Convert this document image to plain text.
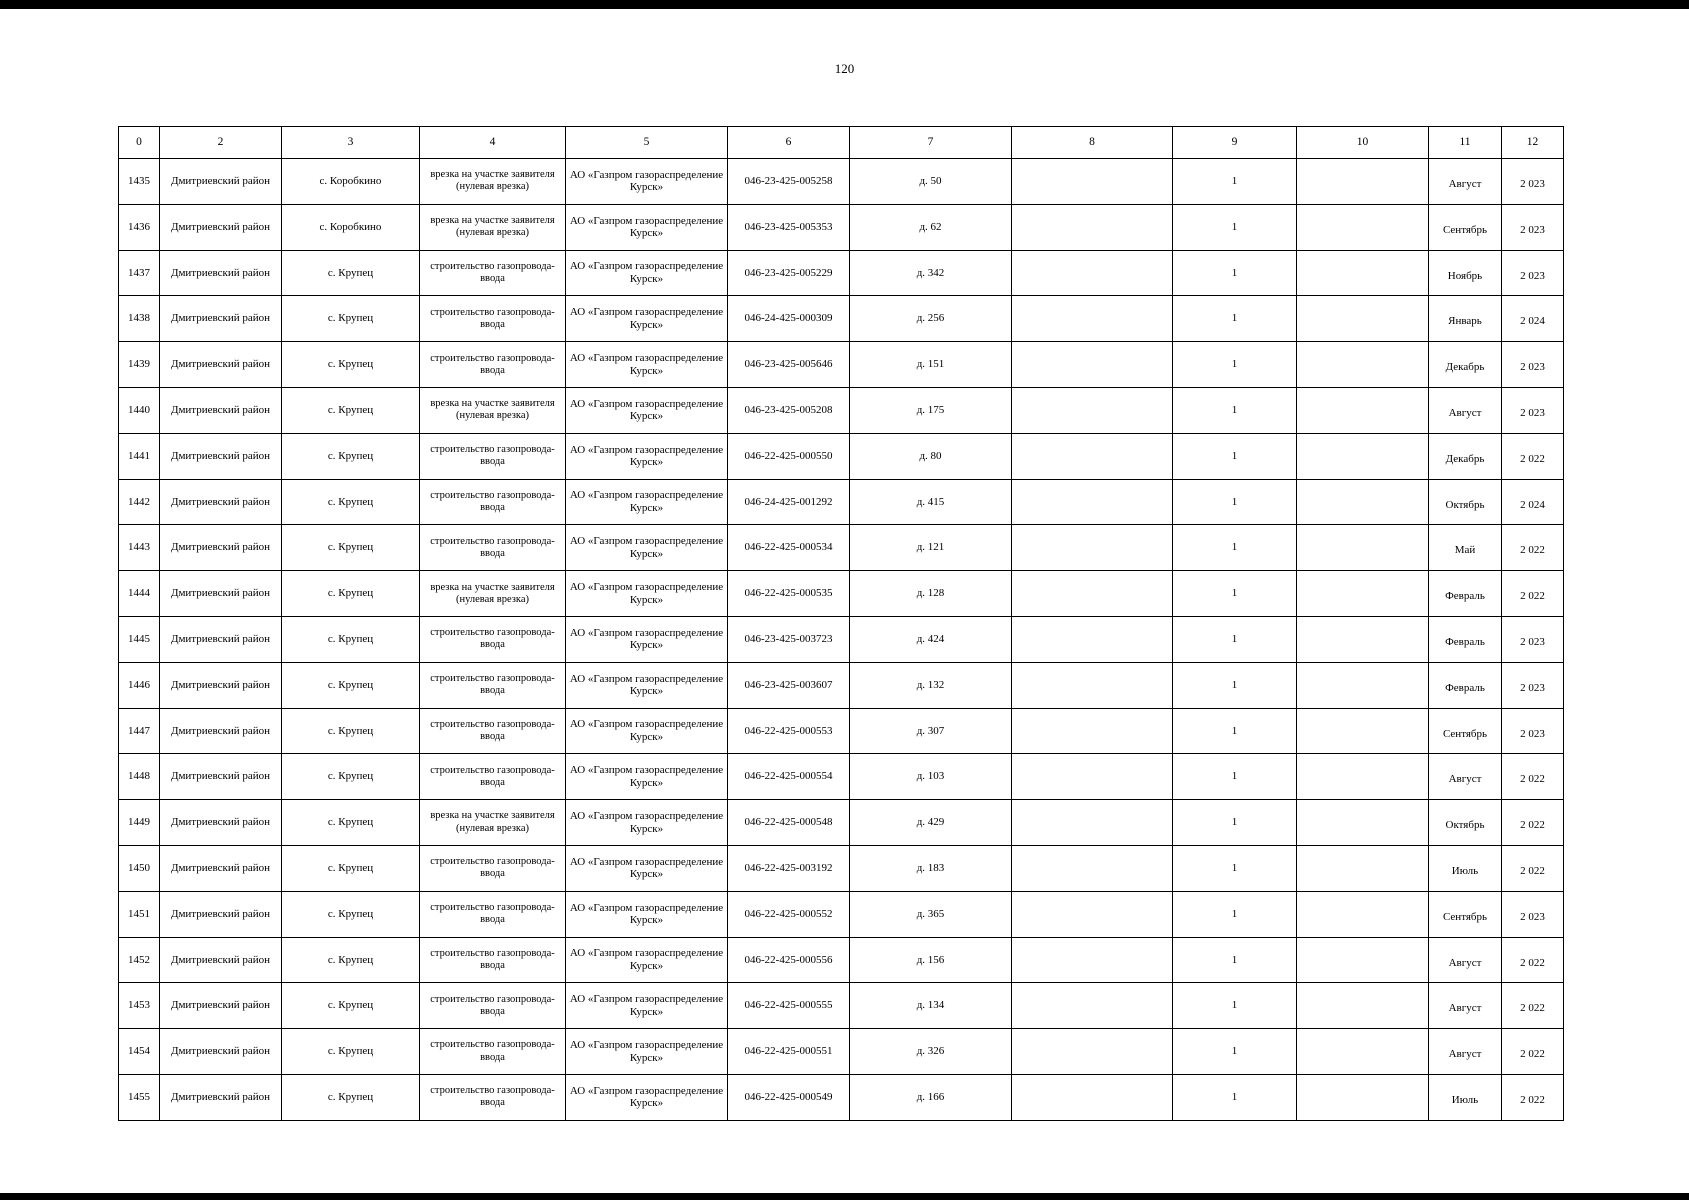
120
0	2	3	4	5	6	7	8	9	10	11	12
1435	Дмитриевский район	с. Коробкино	врезка на участке заявителя (нулевая врезка)	АО «Газпром газораспределение Курск»	046-23-425-005258	д. 50		1		Август	2 023
1436	Дмитриевский район	с. Коробкино	врезка на участке заявителя (нулевая врезка)	АО «Газпром газораспределение Курск»	046-23-425-005353	д. 62		1		Сентябрь	2 023
1437	Дмитриевский район	с. Крупец	строительство газопровода-ввода	АО «Газпром газораспределение Курск»	046-23-425-005229	д. 342		1		Ноябрь	2 023
1438	Дмитриевский район	с. Крупец	строительство газопровода-ввода	АО «Газпром газораспределение Курск»	046-24-425-000309	д. 256		1		Январь	2 024
1439	Дмитриевский район	с. Крупец	строительство газопровода-ввода	АО «Газпром газораспределение Курск»	046-23-425-005646	д. 151		1		Декабрь	2 023
1440	Дмитриевский район	с. Крупец	врезка на участке заявителя (нулевая врезка)	АО «Газпром газораспределение Курск»	046-23-425-005208	д. 175		1		Август	2 023
1441	Дмитриевский район	с. Крупец	строительство газопровода-ввода	АО «Газпром газораспределение Курск»	046-22-425-000550	д. 80		1		Декабрь	2 022
1442	Дмитриевский район	с. Крупец	строительство газопровода-ввода	АО «Газпром газораспределение Курск»	046-24-425-001292	д. 415		1		Октябрь	2 024
1443	Дмитриевский район	с. Крупец	строительство газопровода-ввода	АО «Газпром газораспределение Курск»	046-22-425-000534	д. 121		1		Май	2 022
1444	Дмитриевский район	с. Крупец	врезка на участке заявителя (нулевая врезка)	АО «Газпром газораспределение Курск»	046-22-425-000535	д. 128		1		Февраль	2 022
1445	Дмитриевский район	с. Крупец	строительство газопровода-ввода	АО «Газпром газораспределение Курск»	046-23-425-003723	д. 424		1		Февраль	2 023
1446	Дмитриевский район	с. Крупец	строительство газопровода-ввода	АО «Газпром газораспределение Курск»	046-23-425-003607	д. 132		1		Февраль	2 023
1447	Дмитриевский район	с. Крупец	строительство газопровода-ввода	АО «Газпром газораспределение Курск»	046-22-425-000553	д. 307		1		Сентябрь	2 023
1448	Дмитриевский район	с. Крупец	строительство газопровода-ввода	АО «Газпром газораспределение Курск»	046-22-425-000554	д. 103		1		Август	2 022
1449	Дмитриевский район	с. Крупец	врезка на участке заявителя (нулевая врезка)	АО «Газпром газораспределение Курск»	046-22-425-000548	д. 429		1		Октябрь	2 022
1450	Дмитриевский район	с. Крупец	строительство газопровода-ввода	АО «Газпром газораспределение Курск»	046-22-425-003192	д. 183		1		Июль	2 022
1451	Дмитриевский район	с. Крупец	строительство газопровода-ввода	АО «Газпром газораспределение Курск»	046-22-425-000552	д. 365		1		Сентябрь	2 023
1452	Дмитриевский район	с. Крупец	строительство газопровода-ввода	АО «Газпром газораспределение Курск»	046-22-425-000556	д. 156		1		Август	2 022
1453	Дмитриевский район	с. Крупец	строительство газопровода-ввода	АО «Газпром газораспределение Курск»	046-22-425-000555	д. 134		1		Август	2 022
1454	Дмитриевский район	с. Крупец	строительство газопровода-ввода	АО «Газпром газораспределение Курск»	046-22-425-000551	д. 326		1		Август	2 022
1455	Дмитриевский район	с. Крупец	строительство газопровода-ввода	АО «Газпром газораспределение Курск»	046-22-425-000549	д. 166		1		Июль	2 022
